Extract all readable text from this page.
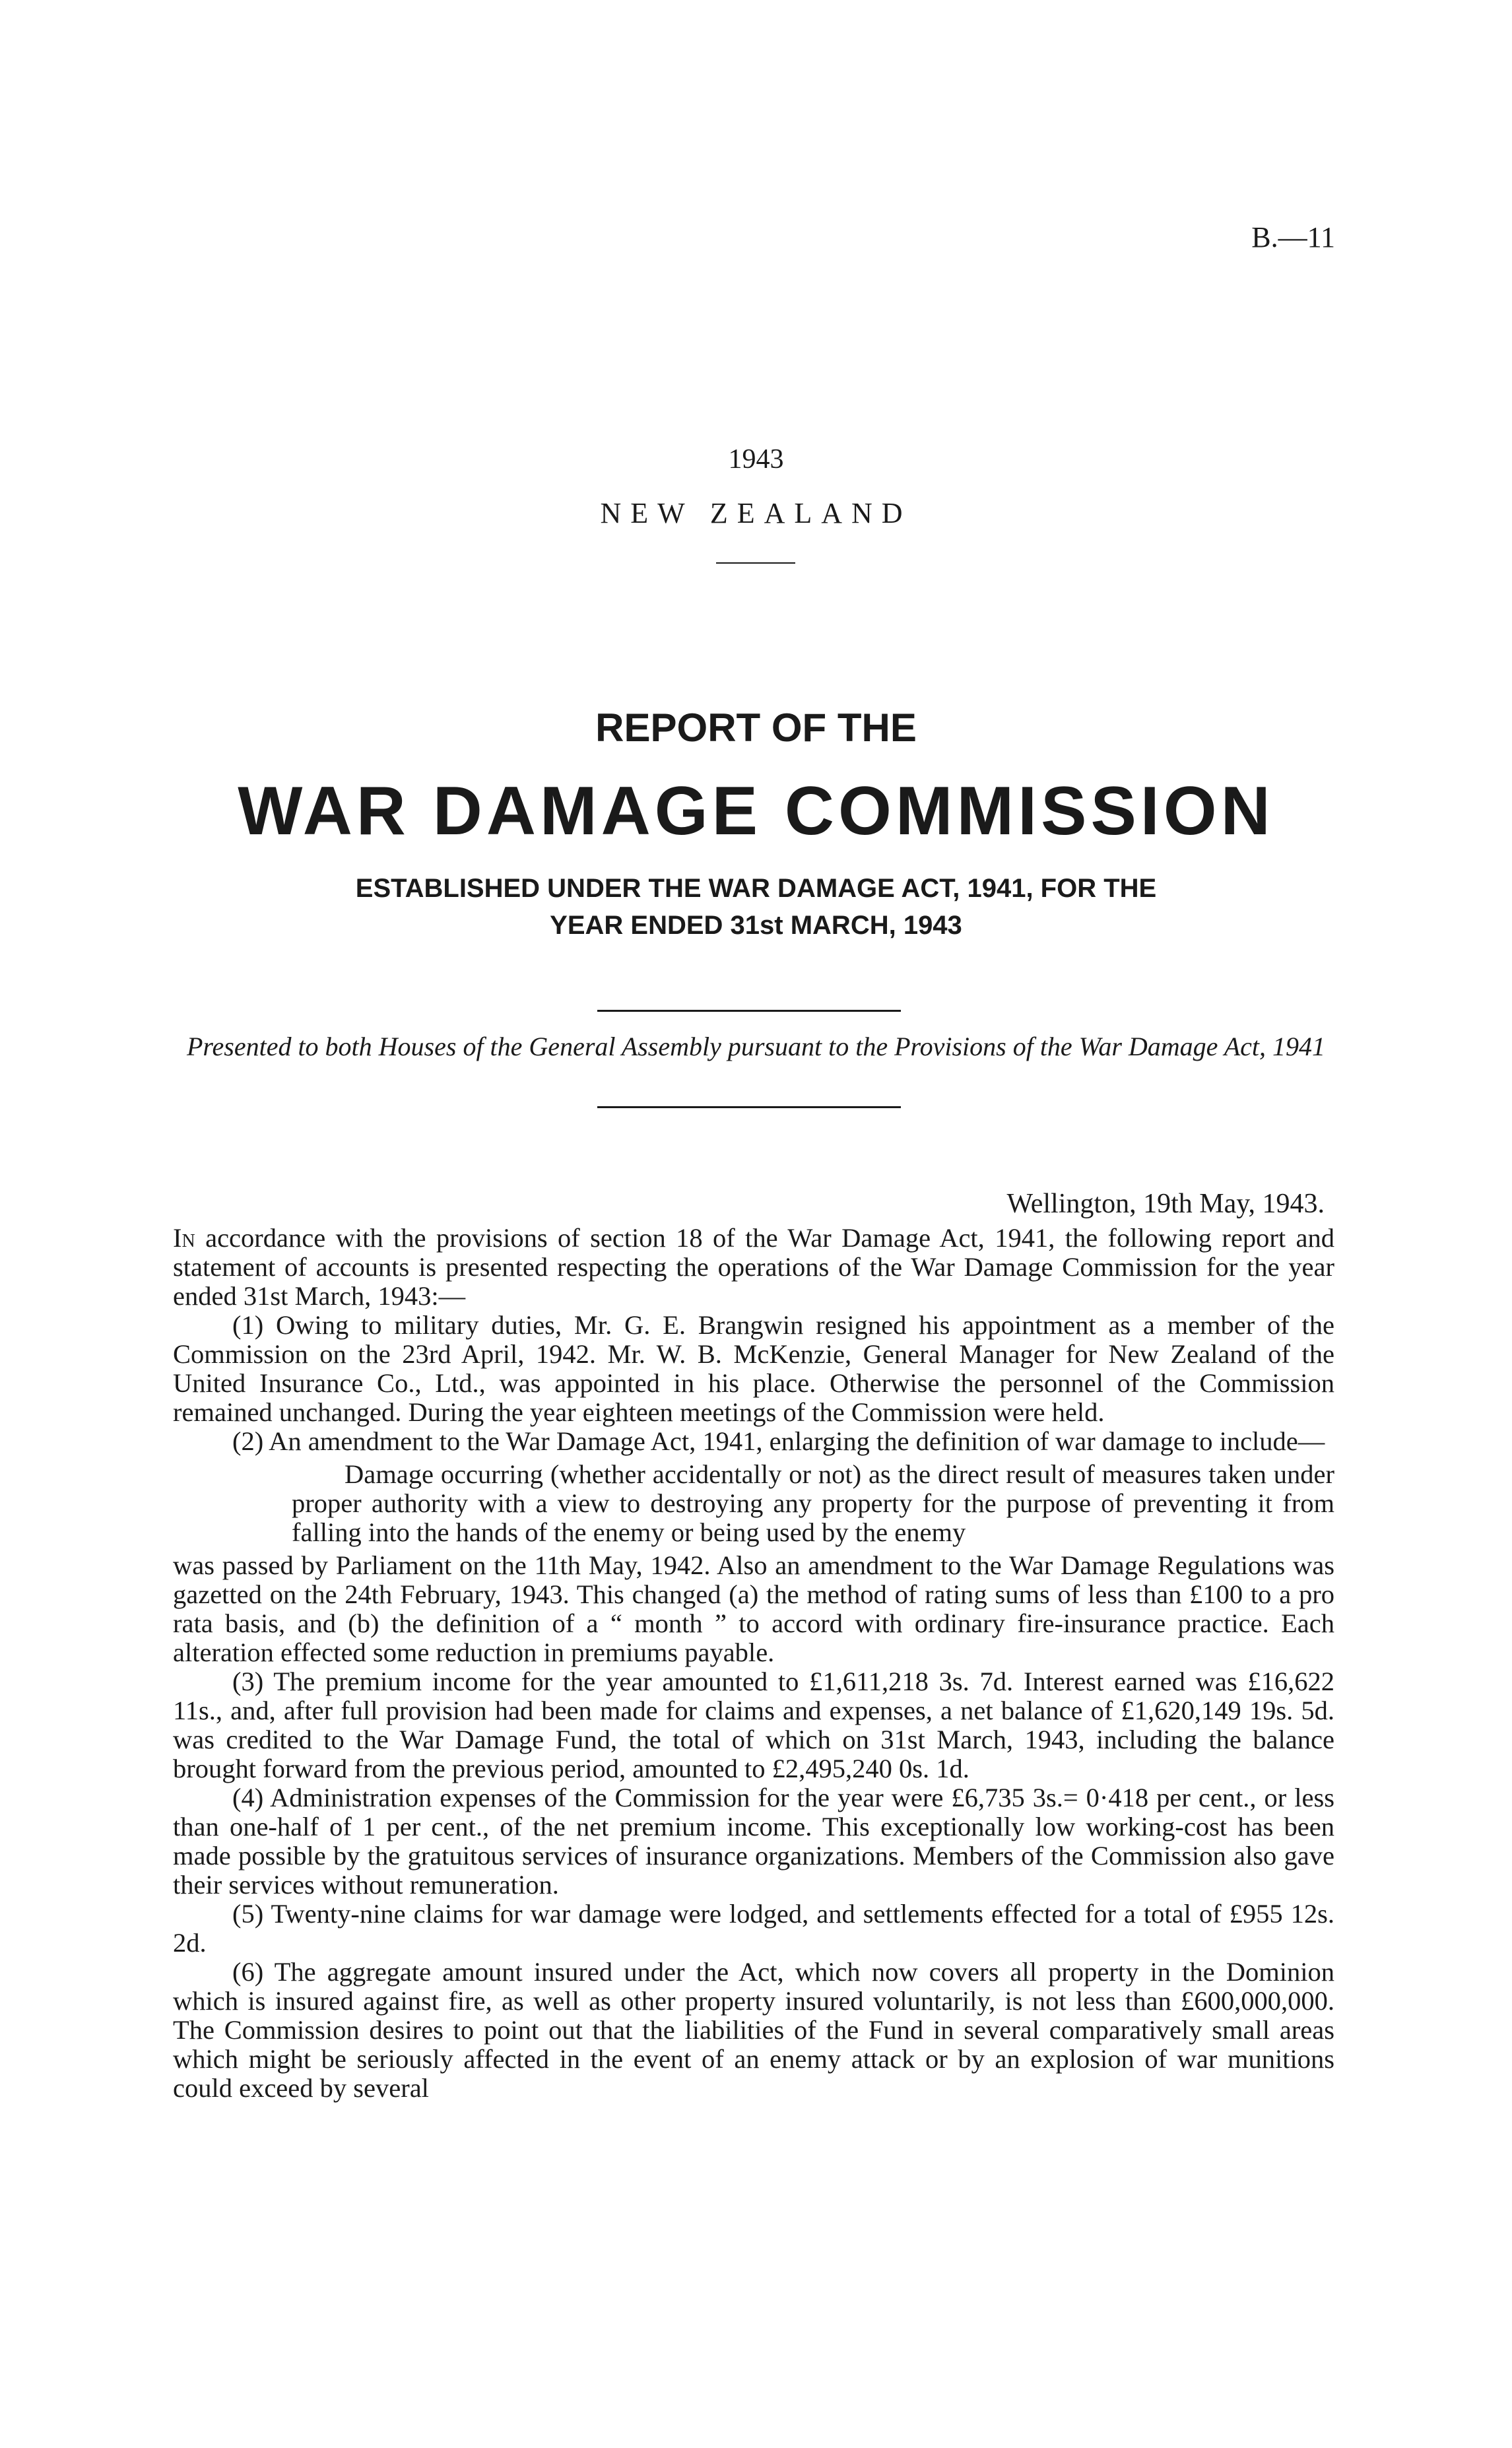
B.—11
1943
NEW ZEALAND
REPORT OF THE
WAR DAMAGE COMMISSION
ESTABLISHED UNDER THE WAR DAMAGE ACT, 1941, FOR THE
YEAR ENDED 31st MARCH, 1943
Presented to both Houses of the General Assembly pursuant to the Provisions of the War Damage Act, 1941
Wellington, 19th May, 1943.

In accordance with the provisions of section 18 of the War Damage Act, 1941, the following report and statement of accounts is presented respecting the operations of the War Damage Commission for the year ended 31st March, 1943:—

(1) Owing to military duties, Mr. G. E. Brangwin resigned his appointment as a member of the Commission on the 23rd April, 1942. Mr. W. B. McKenzie, General Manager for New Zealand of the United Insurance Co., Ltd., was appointed in his place. Otherwise the personnel of the Commission remained unchanged. During the year eighteen meetings of the Commission were held.

(2) An amendment to the War Damage Act, 1941, enlarging the definition of war damage to include—

Damage occurring (whether accidentally or not) as the direct result of measures taken under proper authority with a view to destroying any property for the purpose of preventing it from falling into the hands of the enemy or being used by the enemy

was passed by Parliament on the 11th May, 1942. Also an amendment to the War Damage Regulations was gazetted on the 24th February, 1943. This changed (a) the method of rating sums of less than £100 to a pro rata basis, and (b) the definition of a “ month ” to accord with ordinary fire-insurance practice. Each alteration effected some reduction in premiums payable.

(3) The premium income for the year amounted to £1,611,218 3s. 7d. Interest earned was £16,622 11s., and, after full provision had been made for claims and expenses, a net balance of £1,620,149 19s. 5d. was credited to the War Damage Fund, the total of which on 31st March, 1943, including the balance brought forward from the previous period, amounted to £2,495,240 0s. 1d.

(4) Administration expenses of the Commission for the year were £6,735 3s.= 0·418 per cent., or less than one-half of 1 per cent., of the net premium income. This exceptionally low working-cost has been made possible by the gratuitous services of insurance organizations. Members of the Commission also gave their services without remuneration.

(5) Twenty-nine claims for war damage were lodged, and settlements effected for a total of £955 12s. 2d.

(6) The aggregate amount insured under the Act, which now covers all property in the Dominion which is insured against fire, as well as other property insured voluntarily, is not less than £600,000,000. The Commission desires to point out that the liabilities of the Fund in several comparatively small areas which might be seriously affected in the event of an enemy attack or by an explosion of war munitions could exceed by several
